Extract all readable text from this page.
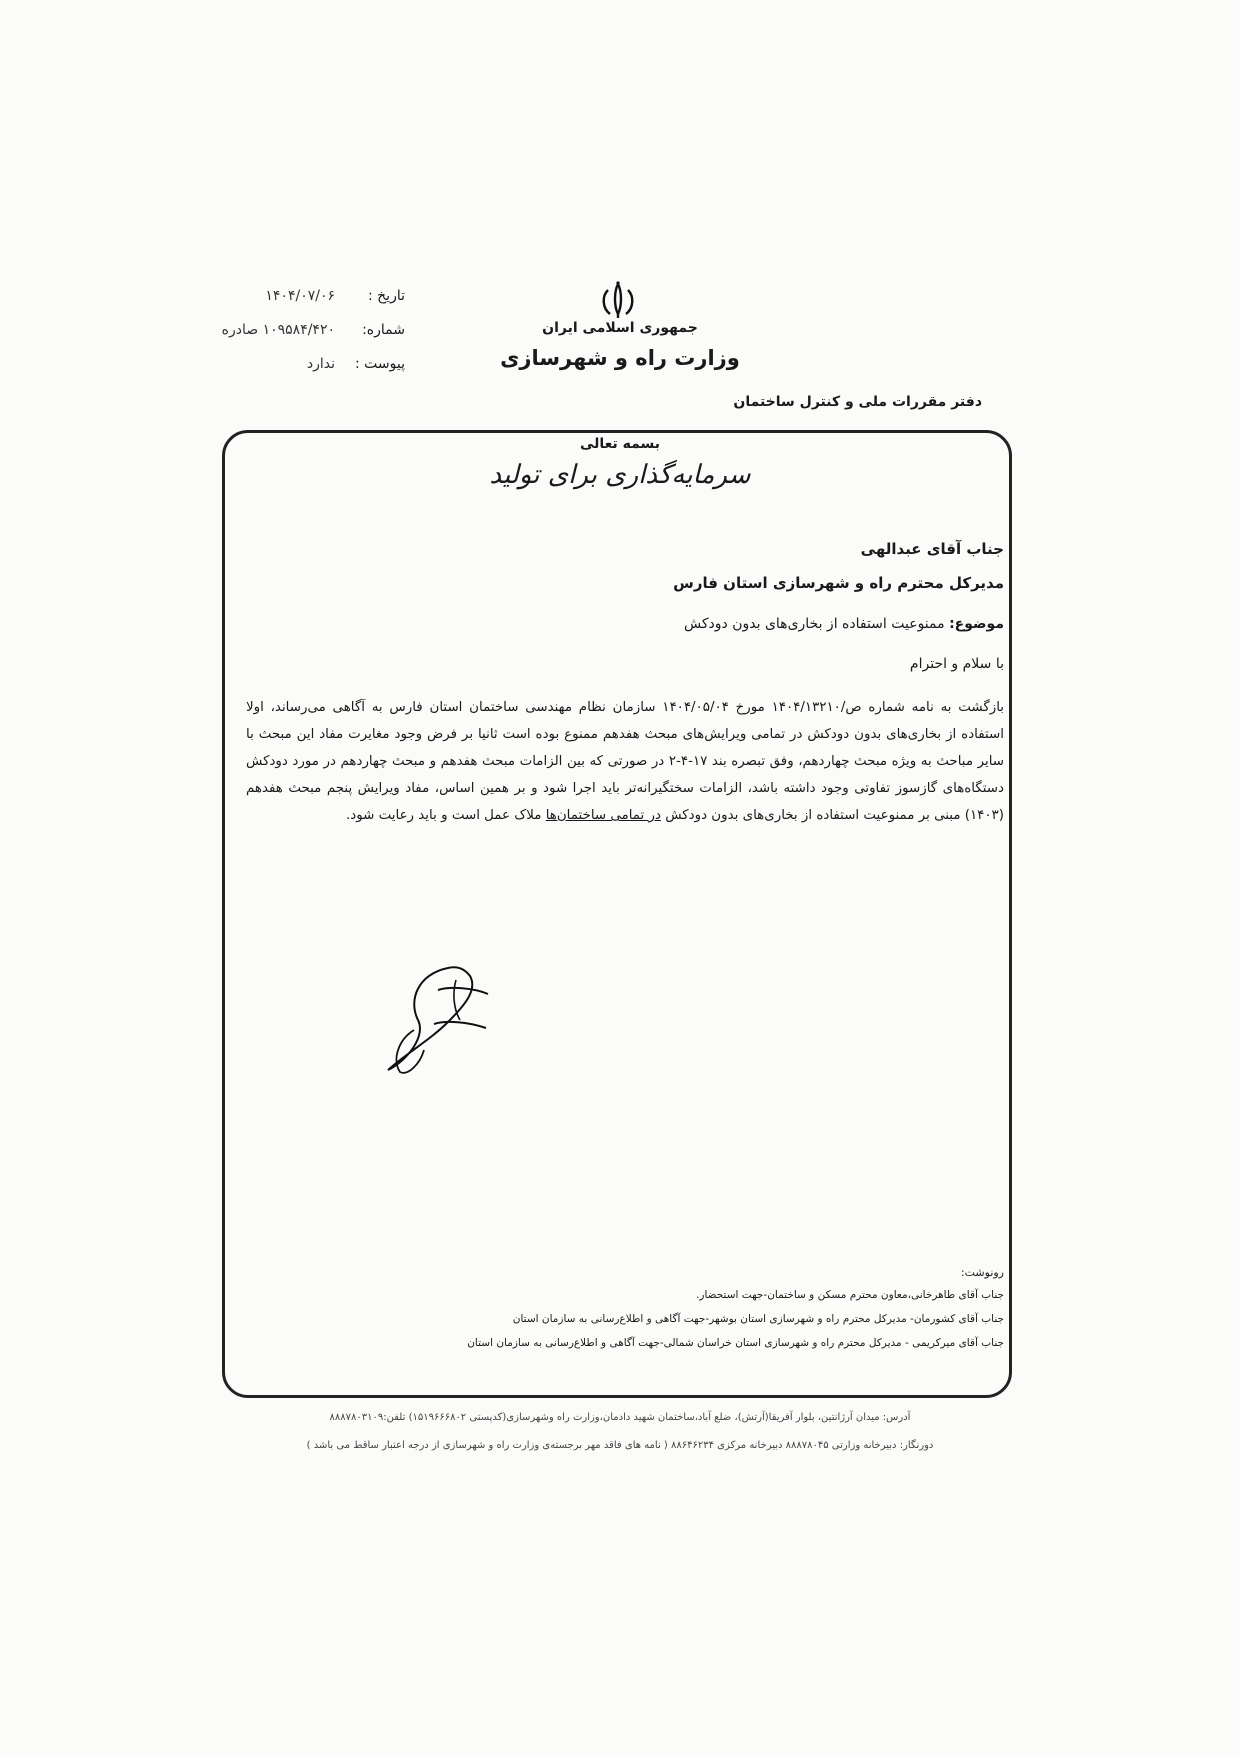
جمهوری اسلامی ایران
وزارت راه و شهرسازی
تاریخ :
۱۴۰۴/۰۷/۰۶
شماره:
۱۰۹۵۸۴/۴۲۰ صادره
پیوست :
ندارد
دفتر مقررات ملی و کنترل ساختمان
بسمه تعالی
سرمایه‌گذاری برای تولید
جناب آقای عبدالهی
مدیرکل محترم راه و شهرسازی استان فارس
موضوع: ممنوعیت استفاده از بخاری‌های بدون دودکش
با سلام و احترام
بازگشت به نامه شماره ص/۱۴۰۴/۱۳۲۱۰ مورخ ۱۴۰۴/۰۵/۰۴ سازمان نظام مهندسی ساختمان استان فارس به آگاهی می‌رساند، اولا استفاده از بخاری‌های بدون دودکش در تمامی ویرایش‌های مبحث هفدهم ممنوع بوده است ثانیا بر فرض وجود مغایرت مفاد این مبحث با سایر مباحث به ویژه مبحث چهاردهم، وفق تبصره بند ۱۷-۴-۲ در صورتی که بین الزامات مبحث هفدهم و مبحث چهاردهم در مورد دودکش دستگاه‌های گازسوز تفاوتی وجود داشته باشد، الزامات سختگیرانه‌تر باید اجرا شود و بر همین اساس، مفاد ویرایش پنجم مبحث هفدهم (۱۴۰۳) مبنی بر ممنوعیت استفاده از بخاری‌های بدون دودکش در تمامی ساختمان‌ها ملاک عمل است و باید رعایت شود.
رونوشت:
جناب آقای طاهرخانی،معاون محترم مسکن و ساختمان-جهت استحضار.
جناب آقای کشورمان- مدیرکل محترم راه و شهرسازی استان بوشهر-جهت آگاهی و اطلاع‌رسانی به سازمان استان
جناب آقای میرکریمی - مدیرکل محترم راه و شهرسازی استان خراسان شمالی-جهت آگاهی و اطلاع‌رسانی به سازمان استان
آدرس: میدان آرژانتین، بلوار آفریقا(آرتش)، ضلع آباد،ساختمان شهید دادمان،وزارت راه وشهرسازی(کدپستی ۱۵۱۹۶۶۶۸۰۲) تلفن:۸۸۸۷۸۰۳۱۰۹
دورنگار: دبیرخانه وزارتی ۸۸۸۷۸۰۴۵ دبیرخانه مرکزی ۸۸۶۴۶۲۳۴ ( نامه های فاقد مهر برجسته‌ی وزارت راه و شهرسازی از درجه اعتبار ساقط می باشد )
